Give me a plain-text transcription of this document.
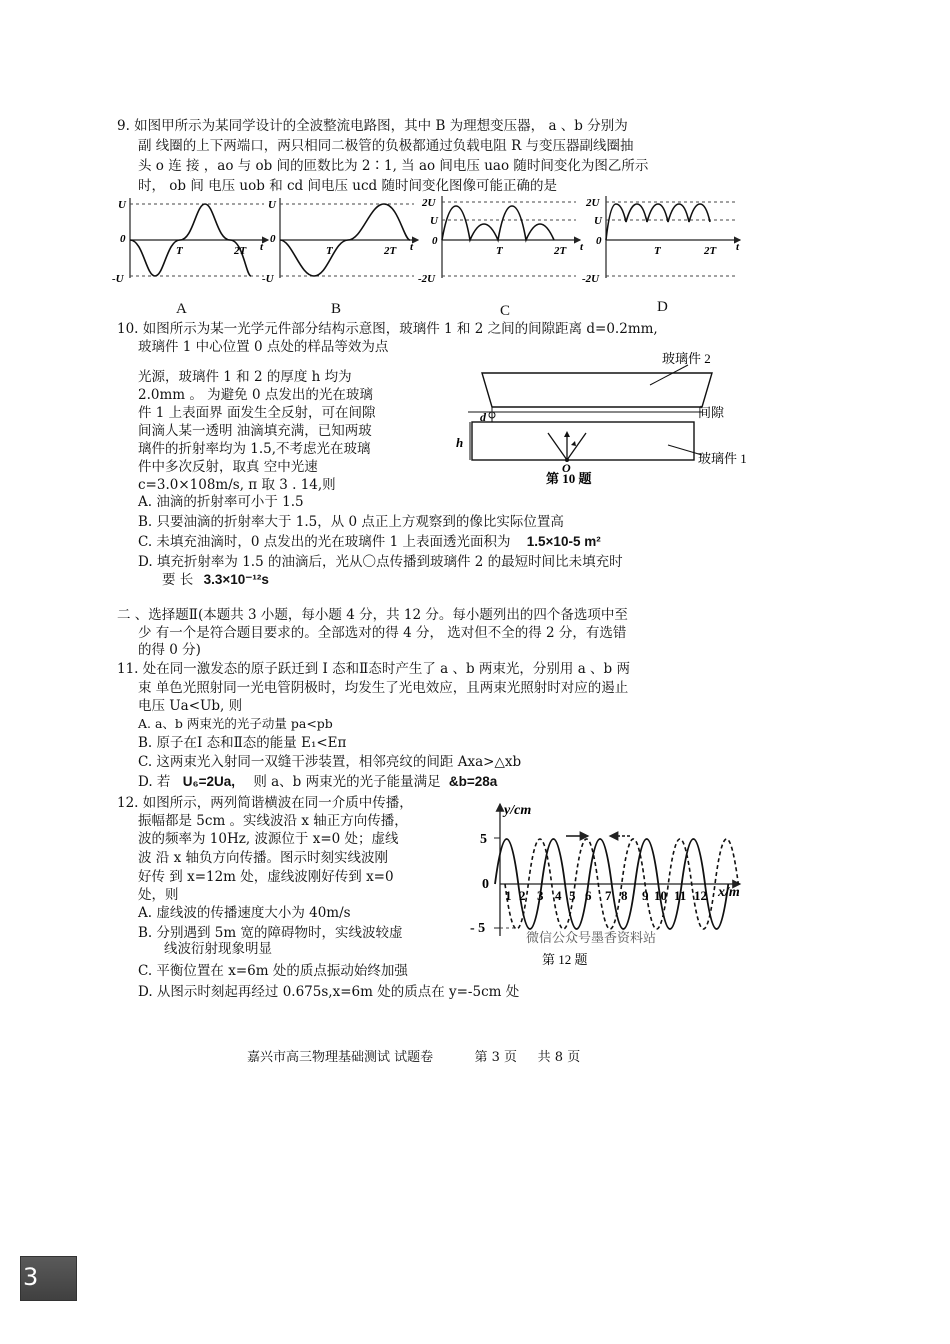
9. 如图甲所示为某同学设计的全波整流电路图，其中 B 为理想变压器， a 、b 分别为
副 线圈的上下两端口，两只相同二极管的负极都通过负载电阻 R 与变压器副线圈抽
头 o 连 接 ，ao 与 ob 间的匝数比为 2∶1, 当 ao 间电压 uao 随时间变化为图乙所示
时， ob 间 电压 uob 和 cd 间电压 ucd 随时间变化图像可能正确的是
U
-U
0
T	2T t
U
-U
0
T	2T t
2U
U
-2U
0
T	2T t
2U
U
-2U
0
T	2T t
A	B	C	D
10. 如图所示为某一光学元件部分结构示意图，玻璃件 1 和 2 之间的间隙距离 d=0.2mm,
玻璃件 1 中心位置 0 点处的样品等效为点
光源，玻璃件 1 和 2 的厚度 h 均为
2.0mm 。 为避免 0 点发出的光在玻璃
件 1 上表面界 面发生全反射，可在间隙
间滴人某一透明 油滴填充满，已知两玻
璃件的折射率均为 1.5,不考虑光在玻璃
件中多次反射，取真 空中光速
c=3.0×108m/s, π 取 3 . 14,则
A. 油滴的折射率可小于 1.5
B. 只要油滴的折射率大于 1.5，从 0 点正上方观察到的像比实际位置高
C. 未填充油滴时，0 点发出的光在玻璃件 1 上表面透光面积为 1.5×10-5 m²
D. 填充折射率为 1.5 的油滴后，光从〇点传播到玻璃件 2 的最短时间比未填充时
要 长 3.3×10⁻¹²s
玻璃件 2
间隙
玻璃件 1
d
h
O
第 10 题
二 、选择题Ⅱ(本题共 3 小题，每小题 4 分，共 12 分。每小题列出的四个备选项中至
少 有一个是符合题目要求的。全部选对的得 4 分， 选对但不全的得 2 分，有选错
的得 0 分)
11. 处在同一激发态的原子跃迁到 Ⅰ 态和Ⅱ态时产生了 a 、b 两束光，分别用 a 、b 两
束 单色光照射同一光电管阴极时，均发生了光电效应，且两束光照射时对应的遏止
电压 Ua<Ub, 则
A. a、b 两束光的光子动量 pa<pb
B. 原子在Ⅰ 态和Ⅱ态的能量 E₁<Eπ
C. 这两束光入射同一双缝干涉装置，相邻亮纹的间距 Axa>△xb
D. 若 U₆=2Ua, 则 a、b 两束光的光子能量满足 &b=28a
12. 如图所示，两列简谐横波在同一介质中传播，
振幅都是 5cm 。实线波沿 x 轴正方向传播，
波的频率为 10Hz, 波源位于 x=0 处；虚线
波 沿 x 轴负方向传播。图示时刻实线波刚
好传 到 x=12m 处，虚线波刚好传到 x=0
处，则
A. 虚线波的传播速度大小为 40m/s
B. 分别遇到 5m 宽的障碍物时，实线波较虚
线波衍射现象明显
C. 平衡位置在 x=6m 处的质点振动始终加强
D. 从图示时刻起再经过 0.675s,x=6m 处的质点在 y=-5cm 处
y/cm
x/m
5
- 5
0
1 2 3 4 5 6 7 8 9 10 11 12
微信公众号墨香资料站
第 12 题
嘉兴市高三物理基础测试 试题卷          第 3 页     共 8 页
3
